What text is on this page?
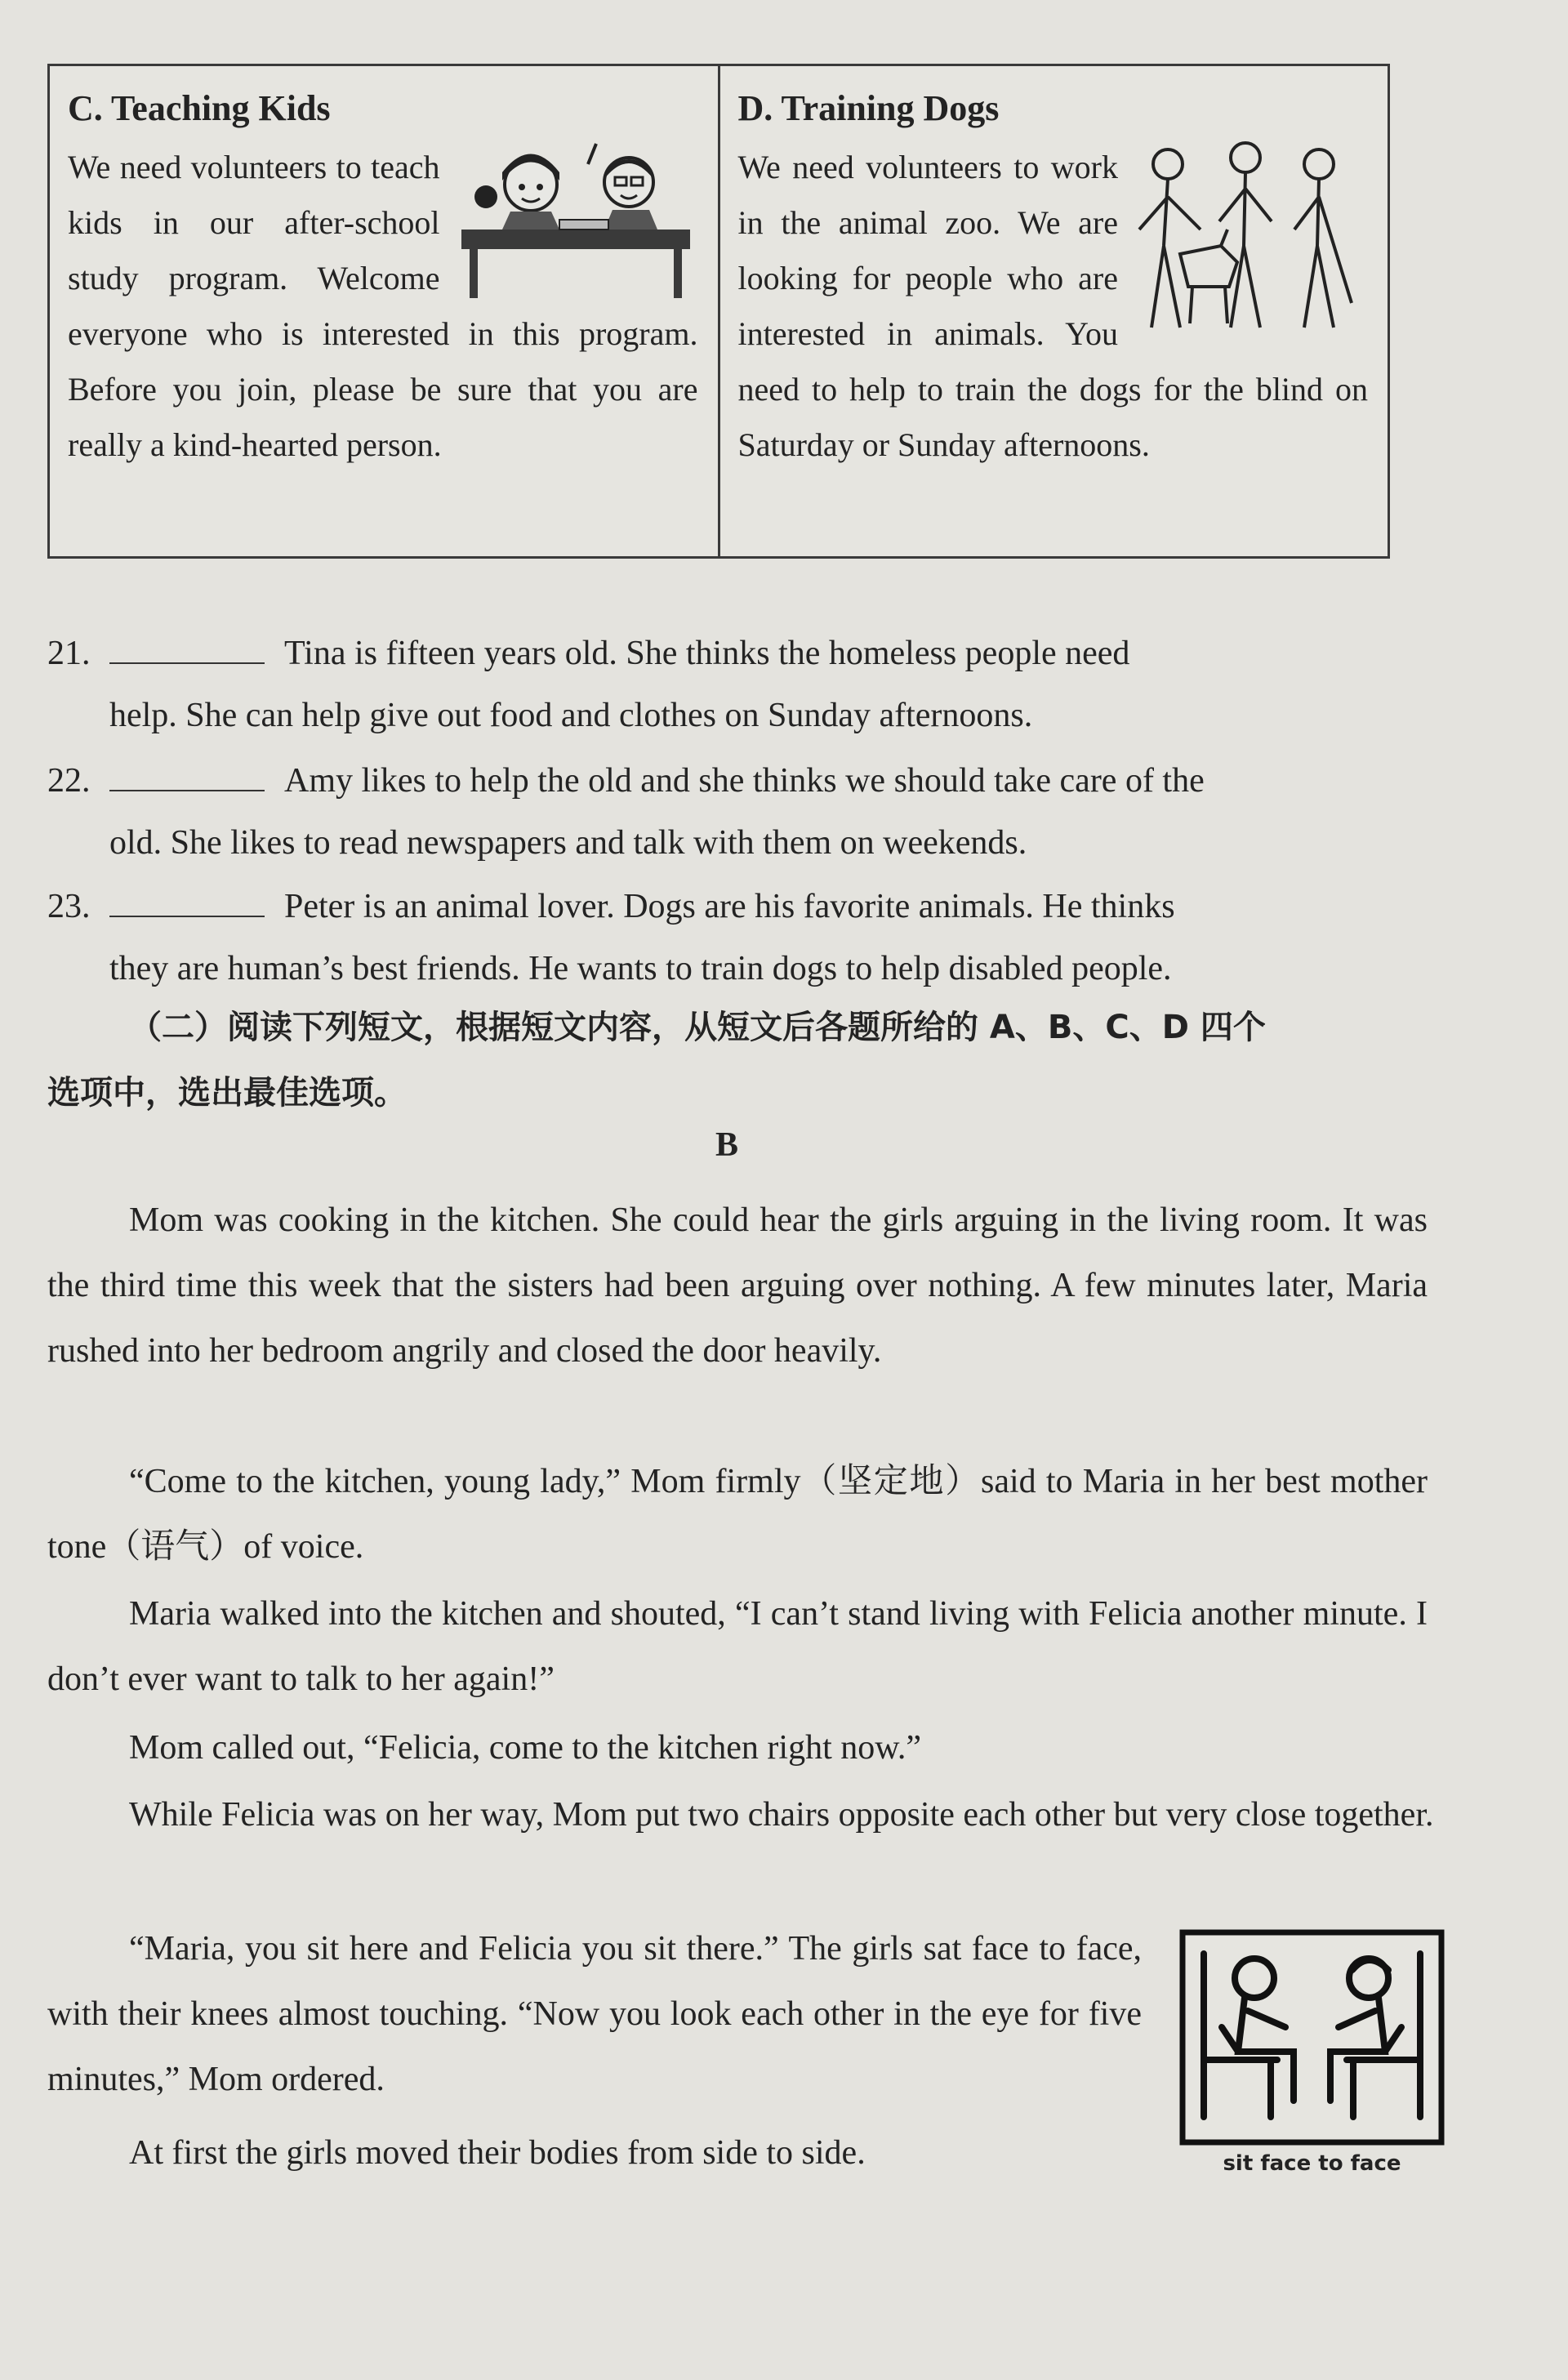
C. Teaching Kids

We need volunteers to teach kids in our after-school study program. Welcome everyone who is interested in this program. Before you join, please be sure that you are really a kind-hearted person.

D. Training Dogs

We need volunteers to work in the animal zoo. We are looking for people who are interested in animals. You need to help to train the dogs for the blind on Saturday or Sunday afternoons.

21.	Tina is fifteen years old. She thinks the homeless people need
help. She can help give out food and clothes on Sunday afternoons.
22.	Amy likes to help the old and she thinks we should take care of the
old. She likes to read newspapers and talk with them on weekends.
23.	Peter is an animal lover. Dogs are his favorite animals. He thinks
they are human’s best friends. He wants to train dogs to help disabled people.
（二）阅读下列短文，根据短文内容，从短文后各题所给的 A、B、C、D 四个
选项中，选出最佳选项。
B

Mom was cooking in the kitchen. She could hear the girls arguing in the living room. It was the third time this week that the sisters had been arguing over nothing. A few minutes later, Maria rushed into her bedroom angrily and closed the door heavily.

“Come to the kitchen, young lady,” Mom firmly（坚定地）said to Maria in her best mother tone（语气）of voice.

Maria walked into the kitchen and shouted, “I can’t stand living with Felicia another minute. I don’t ever want to talk to her again!”

Mom called out, “Felicia, come to the kitchen right now.”

While Felicia was on her way, Mom put two chairs opposite each other but very close together.

“Maria, you sit here and Felicia you sit there.” The girls sat face to face, with their knees almost touching. “Now you look each other in the eye for five minutes,” Mom ordered.

At first the girls moved their bodies from side to side.	sit face to face
